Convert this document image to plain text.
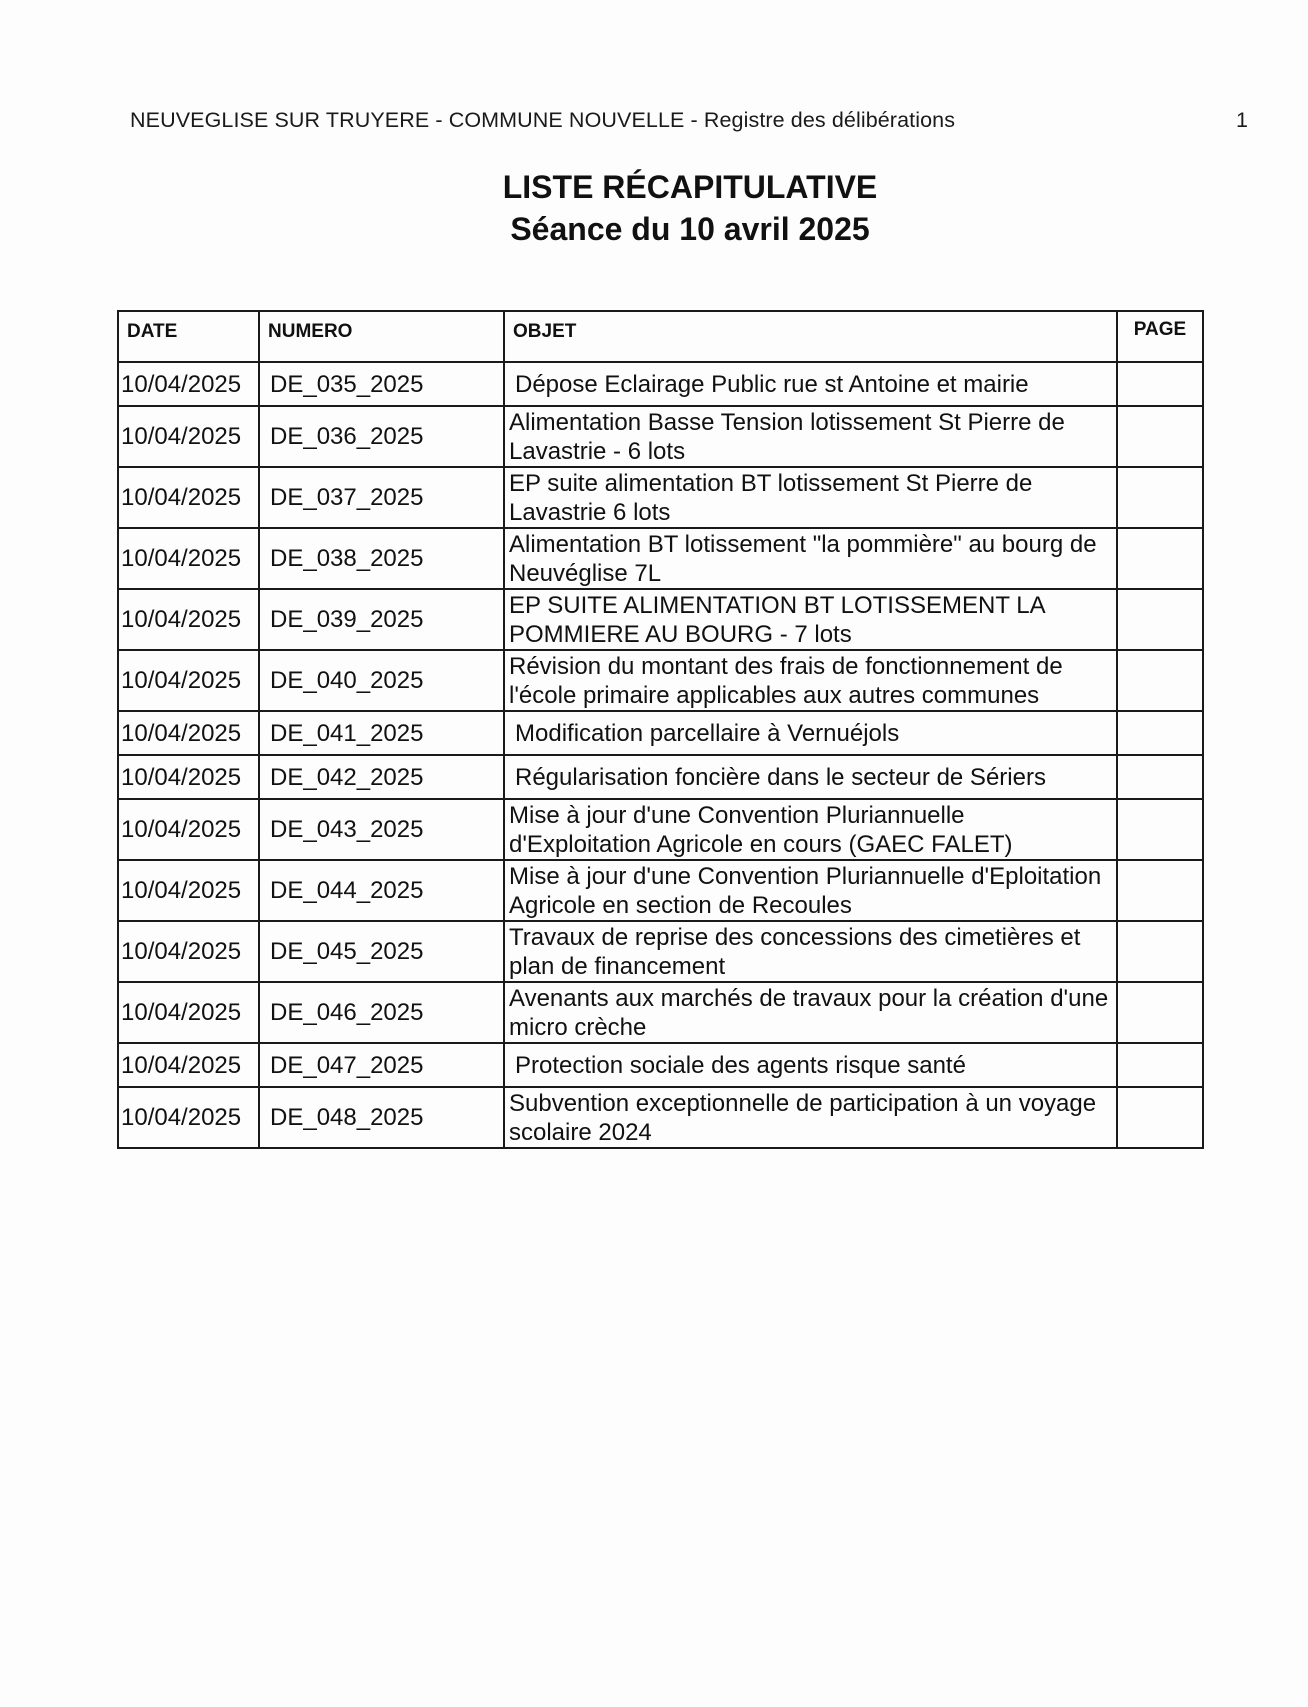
NEUVEGLISE SUR TRUYERE - COMMUNE NOUVELLE - Registre des délibérations	1
LISTE RÉCAPITULATIVE
Séance du 10 avril 2025
DATE	NUMERO	OBJET	PAGE
10/04/2025	DE_035_2025	Dépose Eclairage Public rue st Antoine et mairie	

10/04/2025	DE_036_2025	Alimentation Basse Tension lotissement St Pierre de Lavastrie - 6 lots	

10/04/2025	DE_037_2025	EP suite alimentation BT lotissement St Pierre de Lavastrie 6 lots	

10/04/2025	DE_038_2025	Alimentation BT lotissement "la pommière" au bourg de Neuvéglise 7L	

10/04/2025	DE_039_2025	EP SUITE ALIMENTATION BT LOTISSEMENT LA POMMIERE AU BOURG - 7 lots	

10/04/2025	DE_040_2025	Révision du montant des frais de fonctionnement de l'école primaire applicables aux autres communes	

10/04/2025	DE_041_2025	Modification parcellaire à Vernuéjols	

10/04/2025	DE_042_2025	Régularisation foncière dans le secteur de Sériers	

10/04/2025	DE_043_2025	Mise à jour d'une Convention Pluriannuelle d'Exploitation Agricole en cours (GAEC FALET)	

10/04/2025	DE_044_2025	Mise à jour d'une Convention Pluriannuelle d'Eploitation Agricole en section de Recoules	

10/04/2025	DE_045_2025	Travaux de reprise des concessions des cimetières et plan de financement	

10/04/2025	DE_046_2025	Avenants aux marchés de travaux pour la création d'une micro crèche	

10/04/2025	DE_047_2025	Protection sociale des agents risque santé	

10/04/2025	DE_048_2025	Subvention exceptionnelle de participation à un voyage scolaire 2024	
